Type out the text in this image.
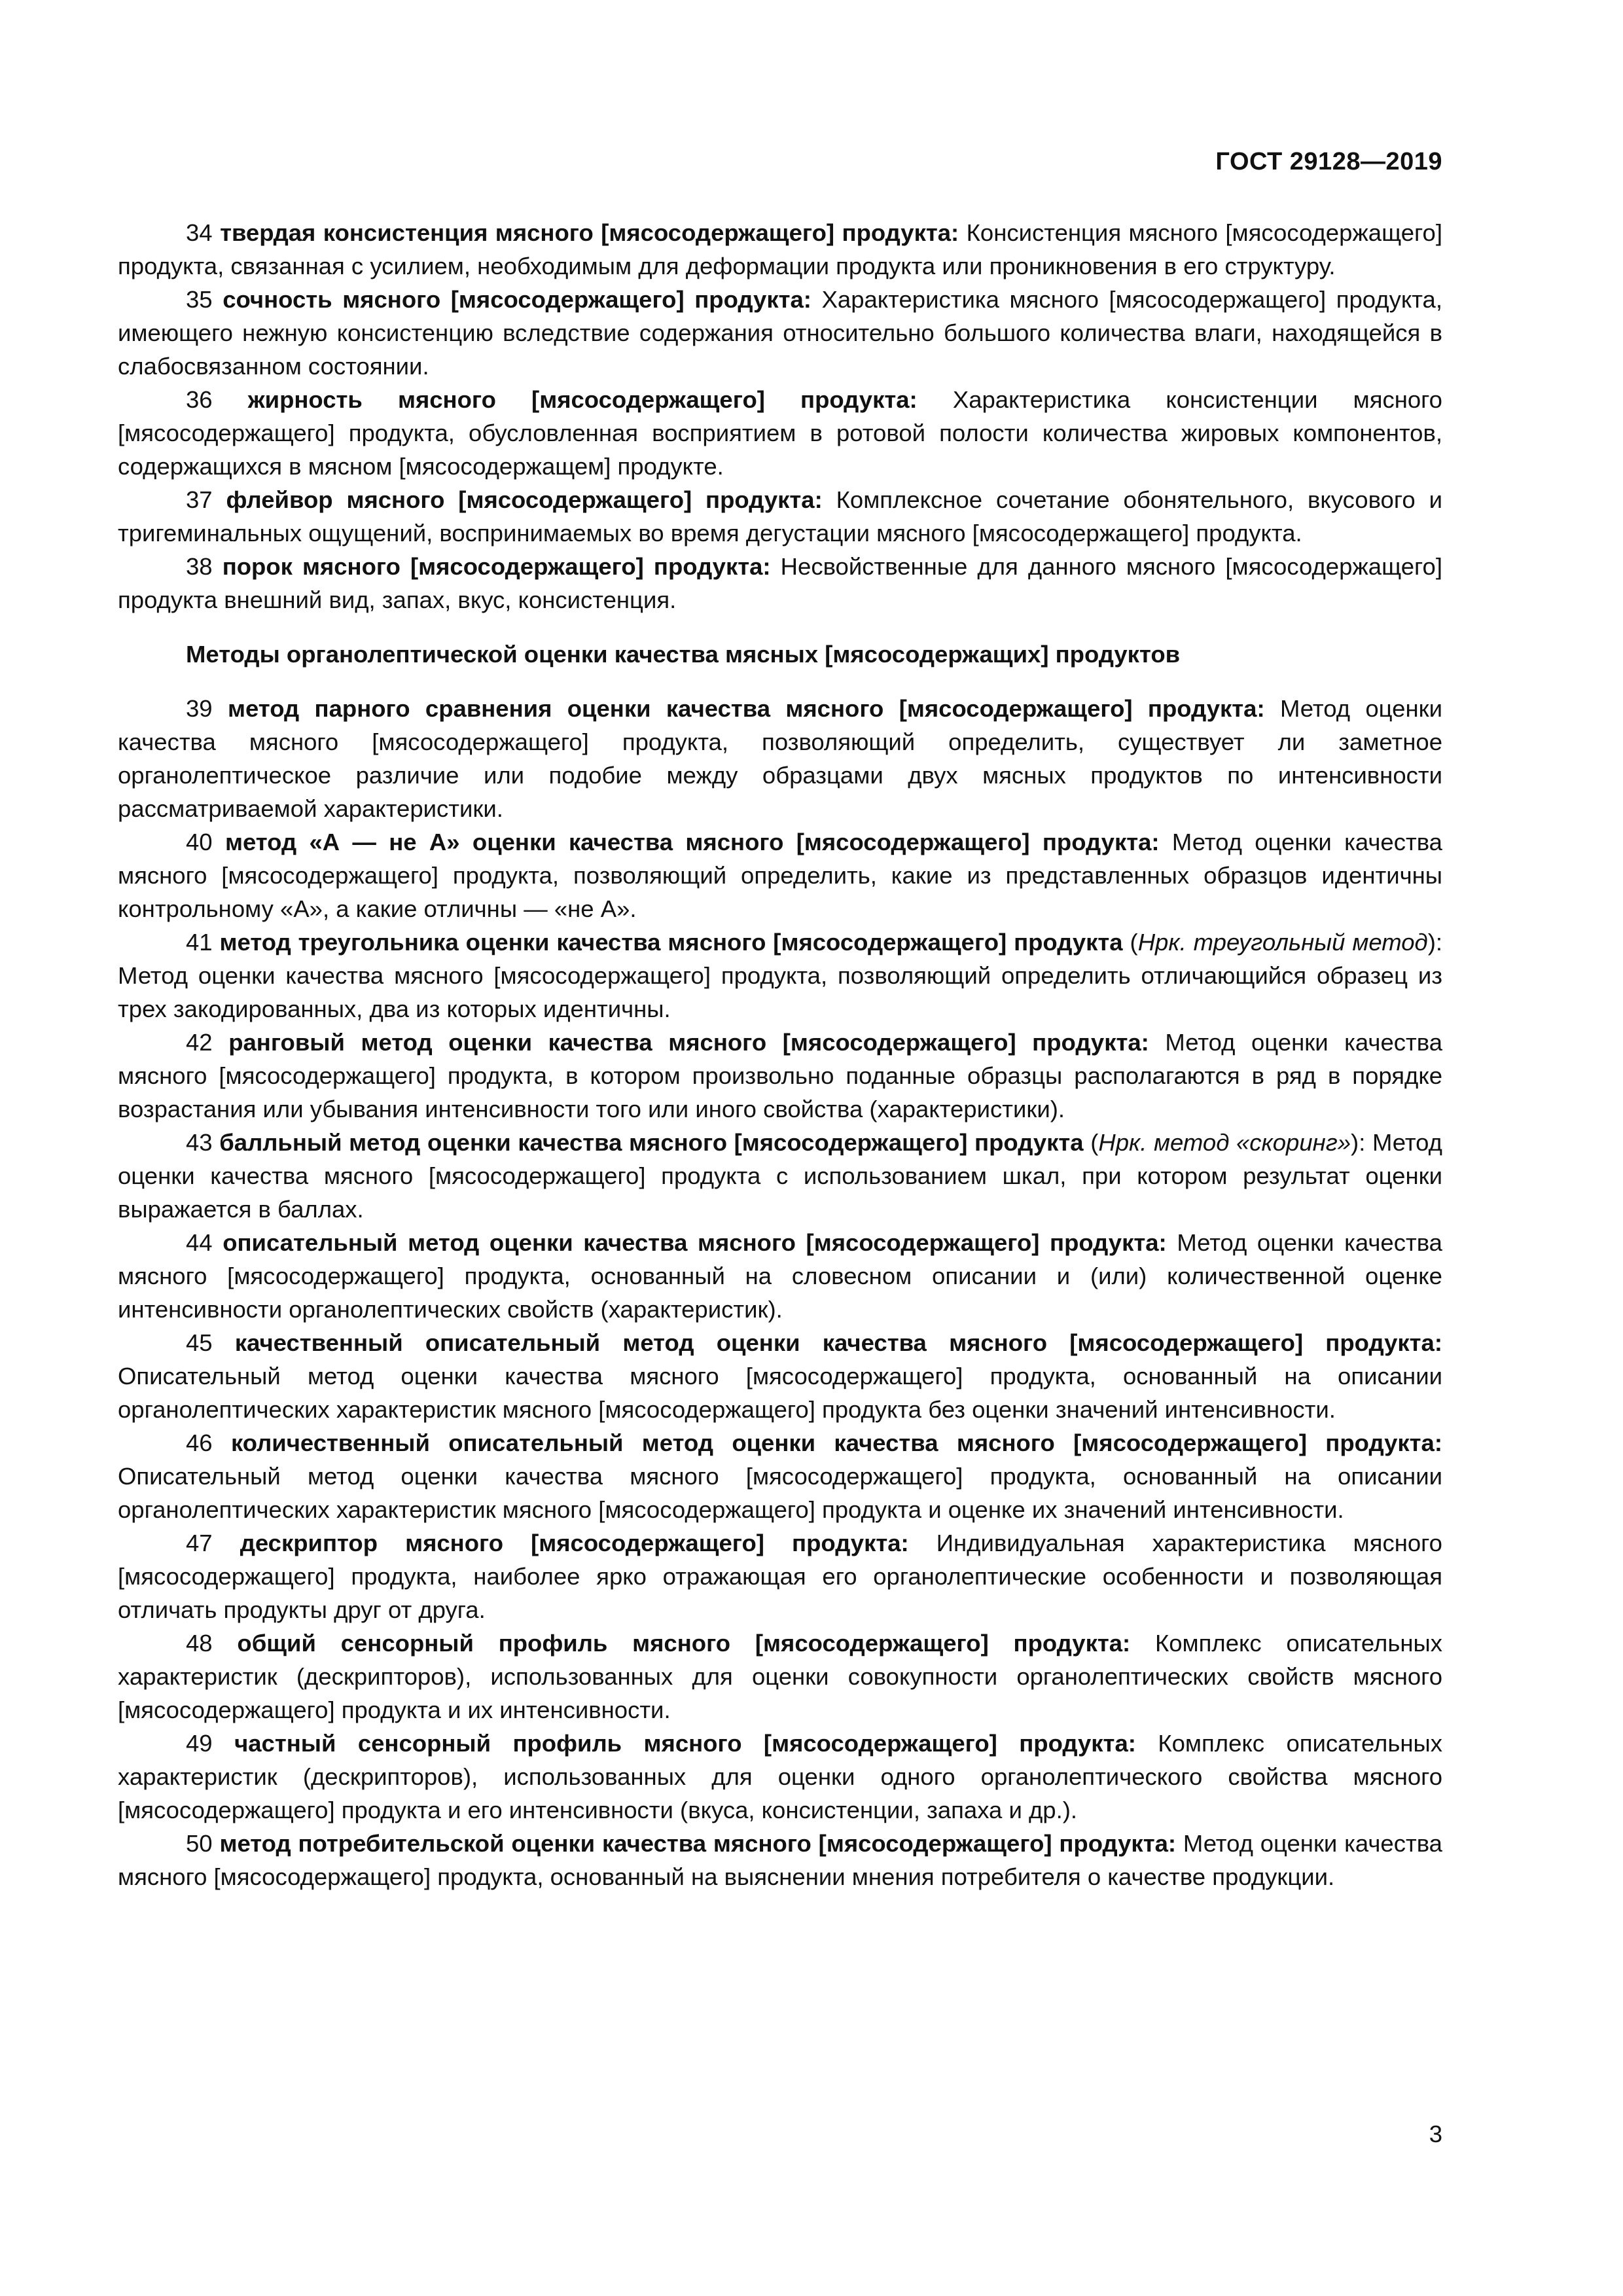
ГОСТ 29128—2019

34 твердая консистенция мясного [мясосодержащего] продукта: Консистенция мясного [мясосодержащего] продукта, связанная с усилием, необходимым для деформации продукта или проникновения в его структуру.

35 сочность мясного [мясосодержащего] продукта: Характеристика мясного [мясосодержащего] продукта, имеющего нежную консистенцию вследствие содержания относительно большого количества влаги, находящейся в слабосвязанном состоянии.

36 жирность мясного [мясосодержащего] продукта: Характеристика консистенции мясного [мясосодержащего] продукта, обусловленная восприятием в ротовой полости количества жировых компонентов, содержащихся в мясном [мясосодержащем] продукте.

37 флейвор мясного [мясосодержащего] продукта: Комплексное сочетание обонятельного, вкусового и тригеминальных ощущений, воспринимаемых во время дегустации мясного [мясосодержащего] продукта.

38 порок мясного [мясосодержащего] продукта: Несвойственные для данного мясного [мясосодержащего] продукта внешний вид, запах, вкус, консистенция.

Методы органолептической оценки качества мясных [мясосодержащих] продуктов

39 метод парного сравнения оценки качества мясного [мясосодержащего] продукта: Метод оценки качества мясного [мясосодержащего] продукта, позволяющий определить, существует ли заметное органолептическое различие или подобие между образцами двух мясных продуктов по интенсивности рассматриваемой характеристики.

40 метод «А — не А» оценки качества мясного [мясосодержащего] продукта: Метод оценки качества мясного [мясосодержащего] продукта, позволяющий определить, какие из представленных образцов идентичны контрольному «А», а какие отличны — «не А».

41 метод треугольника оценки качества мясного [мясосодержащего] продукта (Нрк. треугольный метод): Метод оценки качества мясного [мясосодержащего] продукта, позволяющий определить отличающийся образец из трех закодированных, два из которых идентичны.

42 ранговый метод оценки качества мясного [мясосодержащего] продукта: Метод оценки качества мясного [мясосодержащего] продукта, в котором произвольно поданные образцы располагаются в ряд в порядке возрастания или убывания интенсивности того или иного свойства (характеристики).

43 балльный метод оценки качества мясного [мясосодержащего] продукта (Нрк. метод «скоринг»): Метод оценки качества мясного [мясосодержащего] продукта с использованием шкал, при котором результат оценки выражается в баллах.

44 описательный метод оценки качества мясного [мясосодержащего] продукта: Метод оценки качества мясного [мясосодержащего] продукта, основанный на словесном описании и (или) количественной оценке интенсивности органолептических свойств (характеристик).

45 качественный описательный метод оценки качества мясного [мясосодержащего] продукта: Описательный метод оценки качества мясного [мясосодержащего] продукта, основанный на описании органолептических характеристик мясного [мясосодержащего] продукта без оценки значений интенсивности.

46 количественный описательный метод оценки качества мясного [мясосодержащего] продукта: Описательный метод оценки качества мясного [мясосодержащего] продукта, основанный на описании органолептических характеристик мясного [мясосодержащего] продукта и оценке их значений интенсивности.

47 дескриптор мясного [мясосодержащего] продукта: Индивидуальная характеристика мясного [мясосодержащего] продукта, наиболее ярко отражающая его органолептические особенности и позволяющая отличать продукты друг от друга.

48 общий сенсорный профиль мясного [мясосодержащего] продукта: Комплекс описательных характеристик (дескрипторов), использованных для оценки совокупности органолептических свойств мясного [мясосодержащего] продукта и их интенсивности.

49 частный сенсорный профиль мясного [мясосодержащего] продукта: Комплекс описательных характеристик (дескрипторов), использованных для оценки одного органолептического свойства мясного [мясосодержащего] продукта и его интенсивности (вкуса, консистенции, запаха и др.).

50 метод потребительской оценки качества мясного [мясосодержащего] продукта: Метод оценки качества мясного [мясосодержащего] продукта, основанный на выяснении мнения потребителя о качестве продукции.

3
